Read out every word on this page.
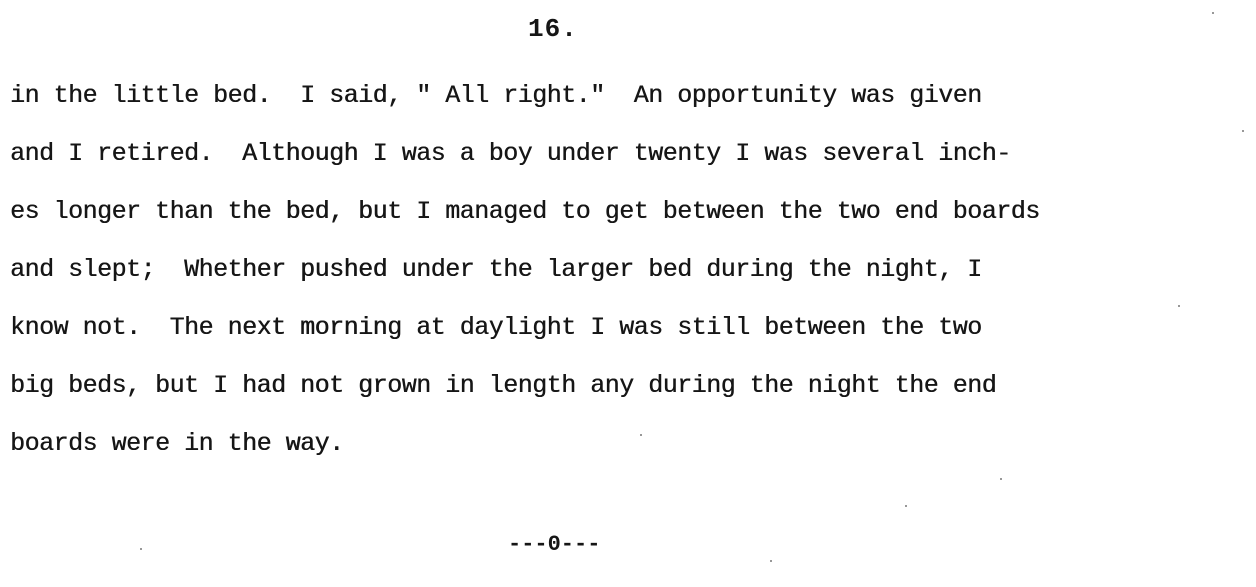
16.
in the little bed.  I said, " All right."  An opportunity was given
and I retired.  Although I was a boy under twenty I was several inch-
es longer than the bed, but I managed to get between the two end boards
and slept;  Whether pushed under the larger bed during the night, I
know not.  The next morning at daylight I was still between the two
big beds, but I had not grown in length any during the night the end
boards were in the way.
---0---
